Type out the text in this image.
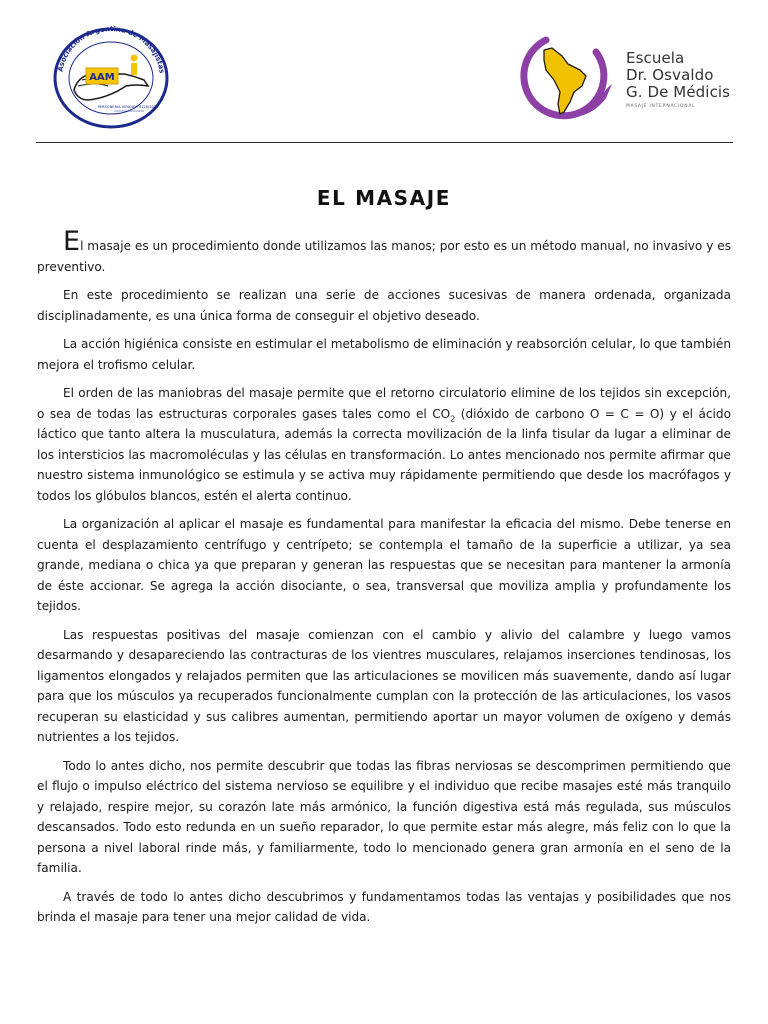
Asociación Argentina de Masajistas
AAM
PERSONERIA JURIDICA 4128/2019
Escuela
Dr. Osvaldo
G. De Médicis
MASAJE INTERNACIONAL
EL MASAJE

El masaje es un procedimiento donde utilizamos las manos; por esto es un método manual, no invasivo y es preventivo.

En este procedimiento se realizan una serie de acciones sucesivas de manera ordenada, organizada disciplinadamente, es una única forma de conseguir el objetivo deseado.

La acción higiénica consiste en estimular el metabolismo de eliminación y reabsorción celular, lo que también mejora el trofismo celular.

El orden de las maniobras del masaje permite que el retorno circulatorio elimine de los tejidos sin excepción, o sea de todas las estructuras corporales gases tales como el $CO_2$ (dióxido de carbono O = C = O) y el ácido láctico que tanto altera la musculatura, además la correcta movilización de la linfa tisular da lugar a eliminar de los intersticios las macromoléculas y las células en transformación. Lo antes mencionado nos permite afirmar que nuestro sistema inmunológico se estimula y se activa muy rápidamente permitiendo que desde los macrófagos y todos los glóbulos blancos, estén el alerta continuo.

La organización al aplicar el masaje es fundamental para manifestar la eficacia del mismo. Debe tenerse en cuenta el desplazamiento centrífugo y centrípeto; se contempla el tamaño de la superficie a utilizar, ya sea grande, mediana o chica ya que preparan y generan las respuestas que se necesitan para mantener la armonía de éste accionar. Se agrega la acción disociante, o sea, transversal que moviliza amplia y profundamente los tejidos.

Las respuestas positivas del masaje comienzan con el cambio y alivio del calambre y luego vamos desarmando y desapareciendo las contracturas de los vientres musculares, relajamos inserciones tendinosas, los ligamentos elongados y relajados permiten que las articulaciones se movilicen más suavemente, dando así lugar para que los músculos ya recuperados funcionalmente cumplan con la protección de las articulaciones, los vasos recuperan su elasticidad y sus calibres aumentan, permitiendo aportar un mayor volumen de oxígeno y demás nutrientes a los tejidos.

Todo lo antes dicho, nos permite descubrir que todas las fibras nerviosas se descomprimen permitiendo que el flujo o impulso eléctrico del sistema nervioso se equilibre y el individuo que recibe masajes esté más tranquilo y relajado, respire mejor, su corazón late más armónico, la función digestiva está más regulada, sus músculos descansados. Todo esto redunda en un sueño reparador, lo que permite estar más alegre, más feliz con lo que la persona a nivel laboral rinde más, y familiarmente, todo lo mencionado genera gran armonía en el seno de la familia.

A través de todo lo antes dicho descubrimos y fundamentamos todas las ventajas y posibilidades que nos brinda el masaje para tener una mejor calidad de vida.
